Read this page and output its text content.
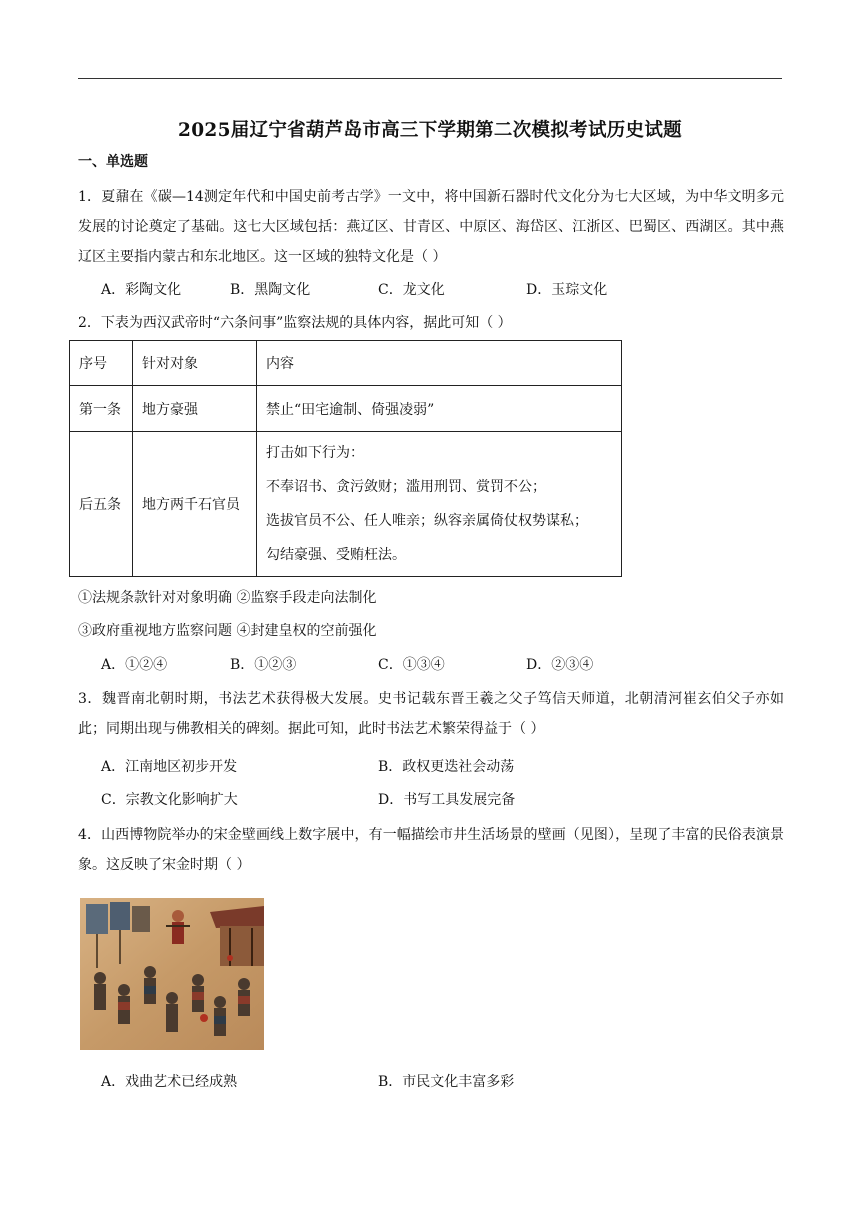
2025届辽宁省葫芦岛市高三下学期第二次模拟考试历史试题
一、单选题
1．夏鼐在《碳—14测定年代和中国史前考古学》一文中，将中国新石器时代文化分为七大区域，为中华文明多元发展的讨论奠定了基础。这七大区域包括：燕辽区、甘青区、中原区、海岱区、江浙区、巴蜀区、西湖区。其中燕辽区主要指内蒙古和东北地区。这一区域的独特文化是（ ）
A．彩陶文化	B．黑陶文化	C．龙文化	D．玉琮文化
2．下表为西汉武帝时“六条问事”监察法规的具体内容，据此可知（ ）
序号	针对对象	内容
第一条	地方豪强	禁止“田宅逾制、倚强凌弱”
后五条	地方两千石官员	打击如下行为：
不奉诏书、贪污敛财；滥用刑罚、赏罚不公；
选拔官员不公、任人唯亲；纵容亲属倚仗权势谋私；
勾结豪强、受贿枉法。
①法规条款针对对象明确 ②监察手段走向法制化
③政府重视地方监察问题 ④封建皇权的空前强化
A．①②④	B．①②③	C．①③④	D．②③④
3．魏晋南北朝时期，书法艺术获得极大发展。史书记载东晋王羲之父子笃信天师道，北朝清河崔玄伯父子亦如此；同期出现与佛教相关的碑刻。据此可知，此时书法艺术繁荣得益于（ ）
A．江南地区初步开发	B．政权更迭社会动荡
C．宗教文化影响扩大	D．书写工具发展完备
4．山西博物院举办的宋金壁画线上数字展中，有一幅描绘市井生活场景的壁画（见图），呈现了丰富的民俗表演景象。这反映了宋金时期（ ）
A．戏曲艺术已经成熟	B．市民文化丰富多彩
